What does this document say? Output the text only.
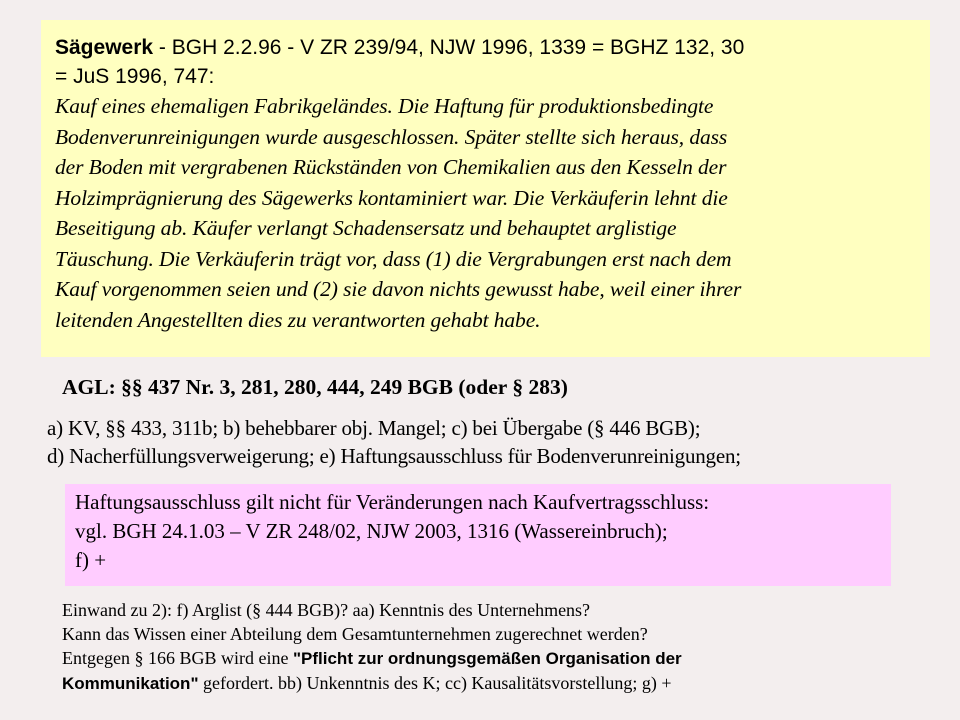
Sägewerk - BGH 2.2.96 - V ZR 239/94, NJW 1996, 1339 = BGHZ 132, 30
= JuS 1996, 747:

Kauf eines ehemaligen Fabrikgeländes. Die Haftung für produktionsbedingte
Bodenverunreinigungen wurde ausgeschlossen. Später stellte sich heraus, dass
der Boden mit vergrabenen Rückständen von Chemikalien aus den Kesseln der
Holzimprägnierung des Sägewerks kontaminiert war. Die Verkäuferin lehnt die
Beseitigung ab. Käufer verlangt Schadensersatz und behauptet arglistige
Täuschung. Die Verkäuferin trägt vor, dass (1) die Vergrabungen erst nach dem
Kauf vorgenommen seien und (2) sie davon nichts gewusst habe, weil einer ihrer
leitenden Angestellten dies zu verantworten gehabt habe.

AGL: §§ 437 Nr. 3, 281, 280, 444, 249 BGB (oder § 283)
a) KV, §§ 433, 311b; b) behebbarer obj. Mangel; c) bei Übergabe (§ 446 BGB);
d) Nacherfüllungsverweigerung; e) Haftungsausschluss für Bodenverunreinigungen;
Haftungsausschluss gilt nicht für Veränderungen nach Kaufvertragsschluss:
vgl. BGH 24.1.03 – V ZR 248/02, NJW 2003, 1316 (Wassereinbruch);
f) +
Einwand zu 2): f) Arglist (§ 444 BGB)? aa) Kenntnis des Unternehmens?
Kann das Wissen einer Abteilung dem Gesamtunternehmen zugerechnet werden?
Entgegen § 166 BGB wird eine "Pflicht zur ordnungsgemäßen Organisation der
Kommunikation" gefordert. bb) Unkenntnis des K; cc) Kausalitätsvorstellung; g) +
